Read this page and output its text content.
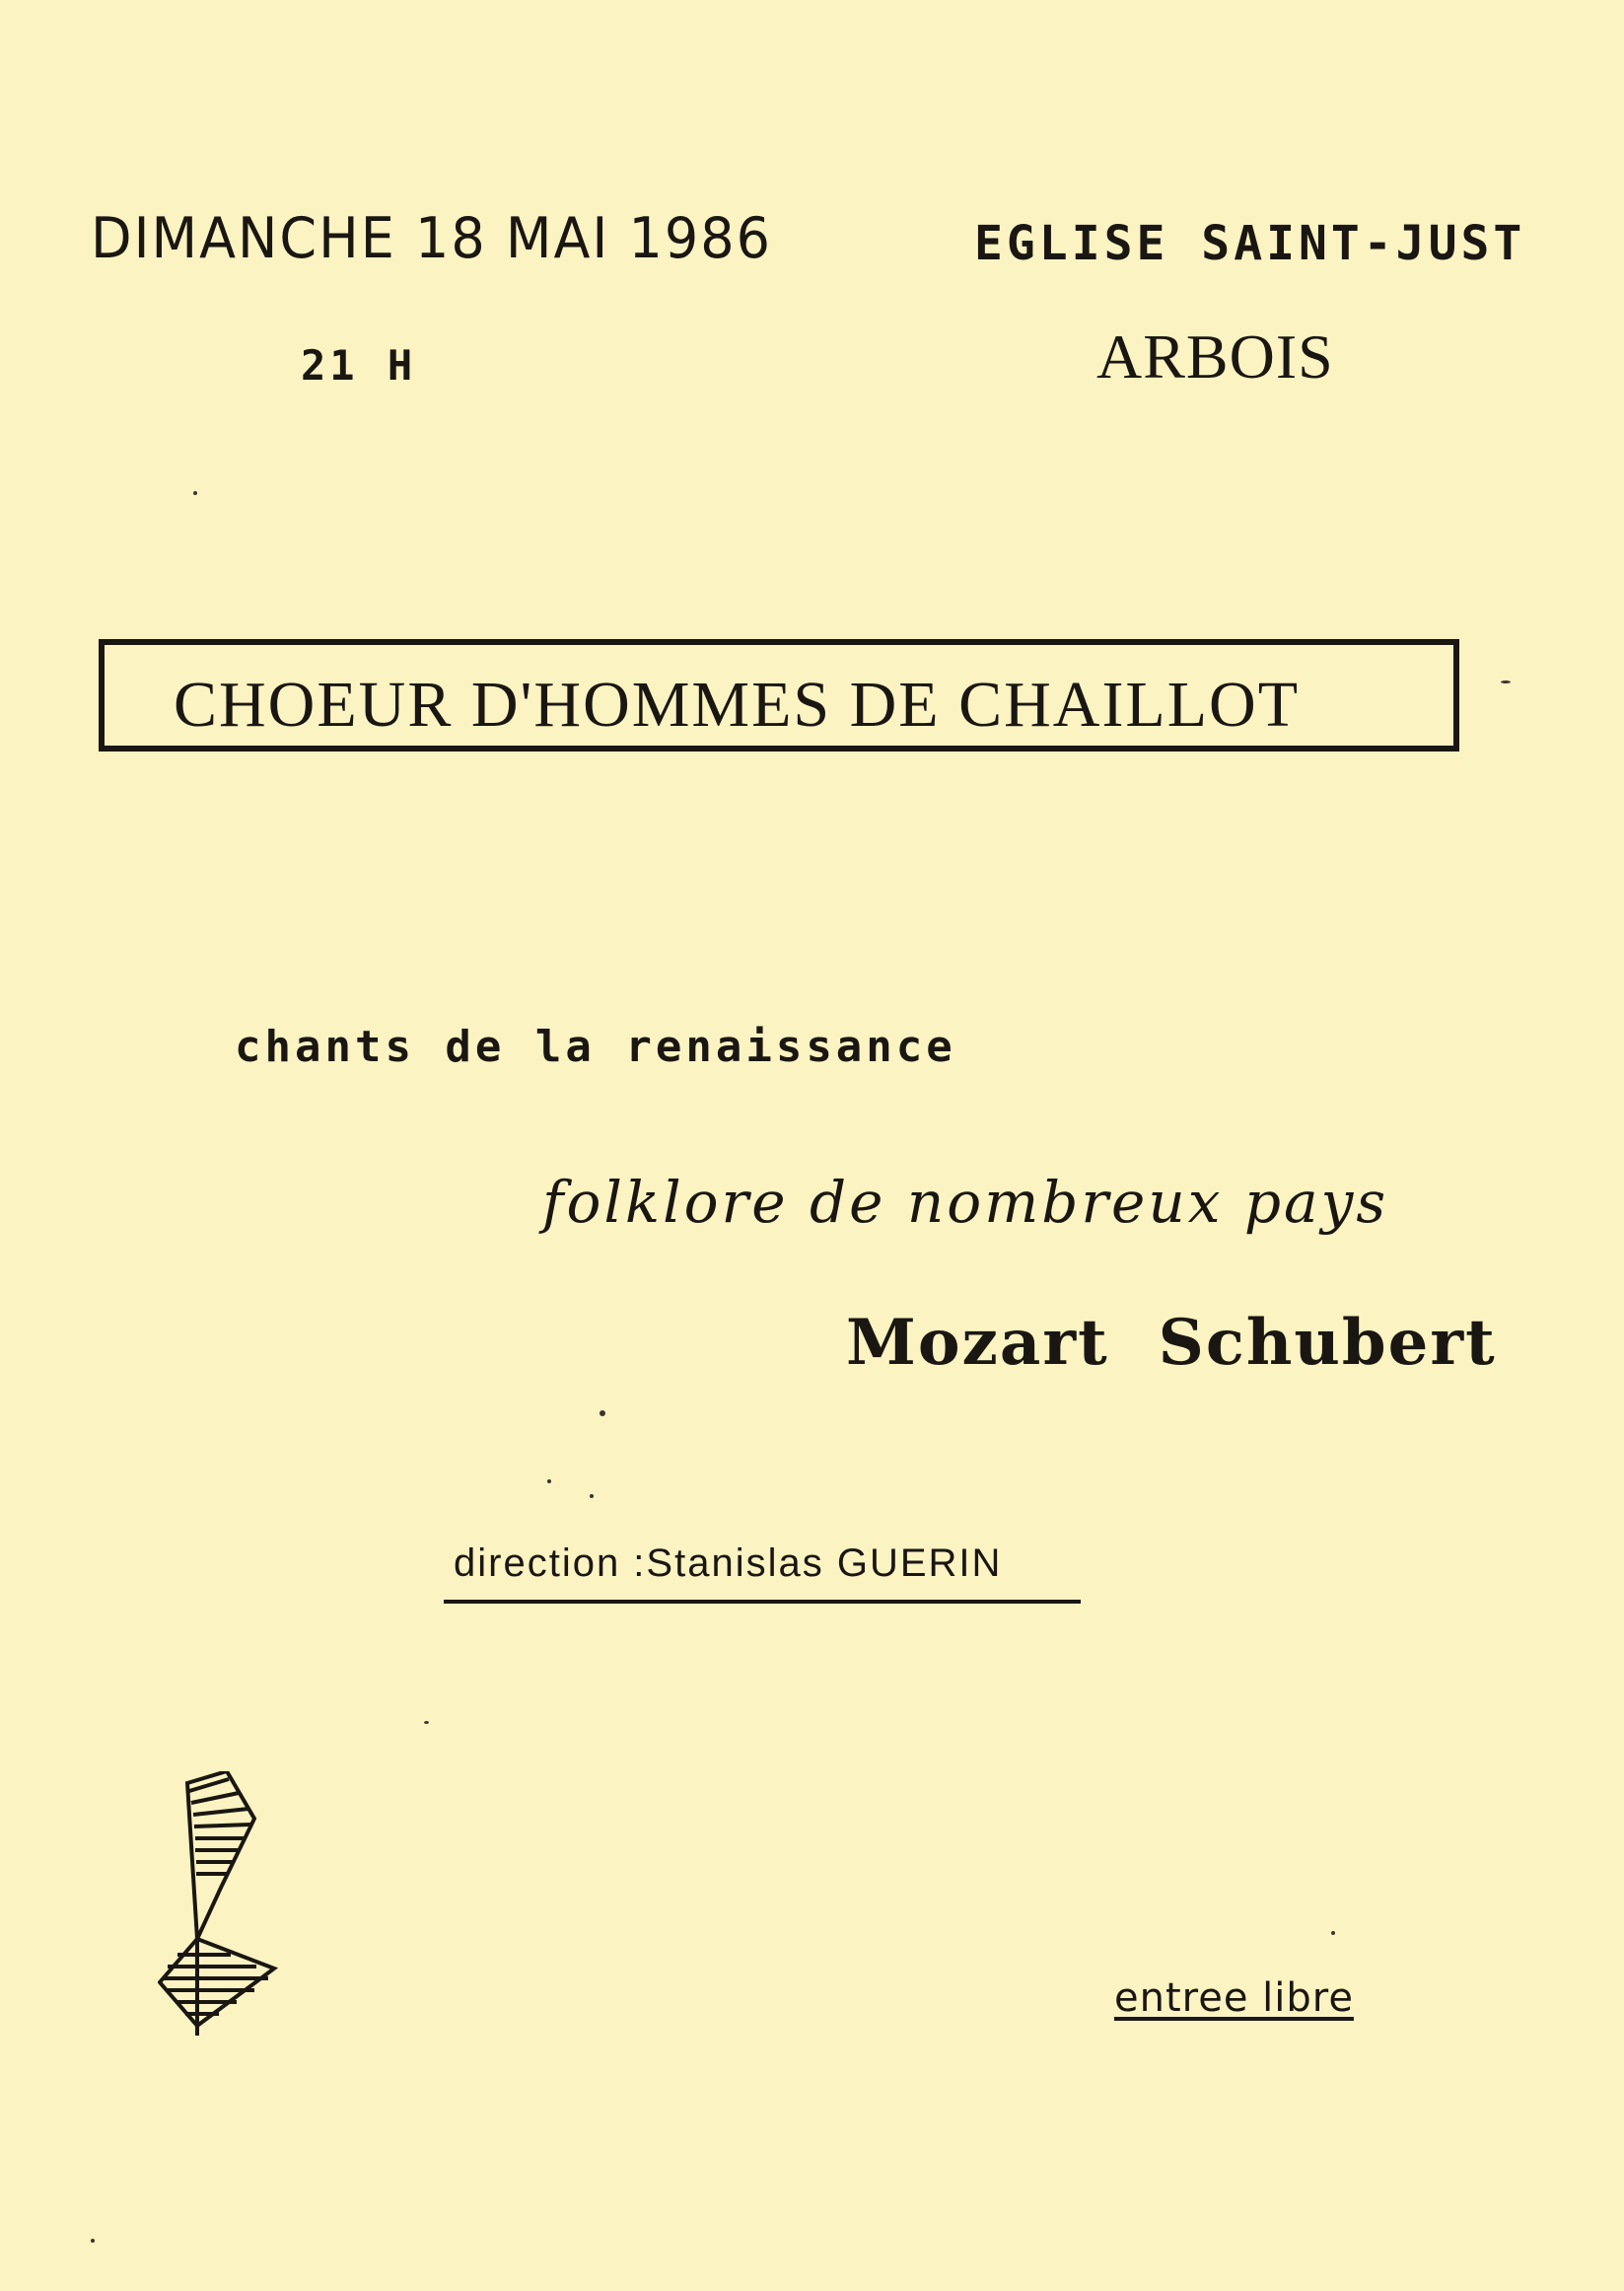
DIMANCHE 18 MAI 1986
21 H
EGLISE SAINT-JUST
ARBOIS
CHOEUR D'HOMMES DE CHAILLOT
chants de la renaissance
folklore de nombreux pays
Mozart Schubert
direction :Stanislas GUERIN
entree libre
